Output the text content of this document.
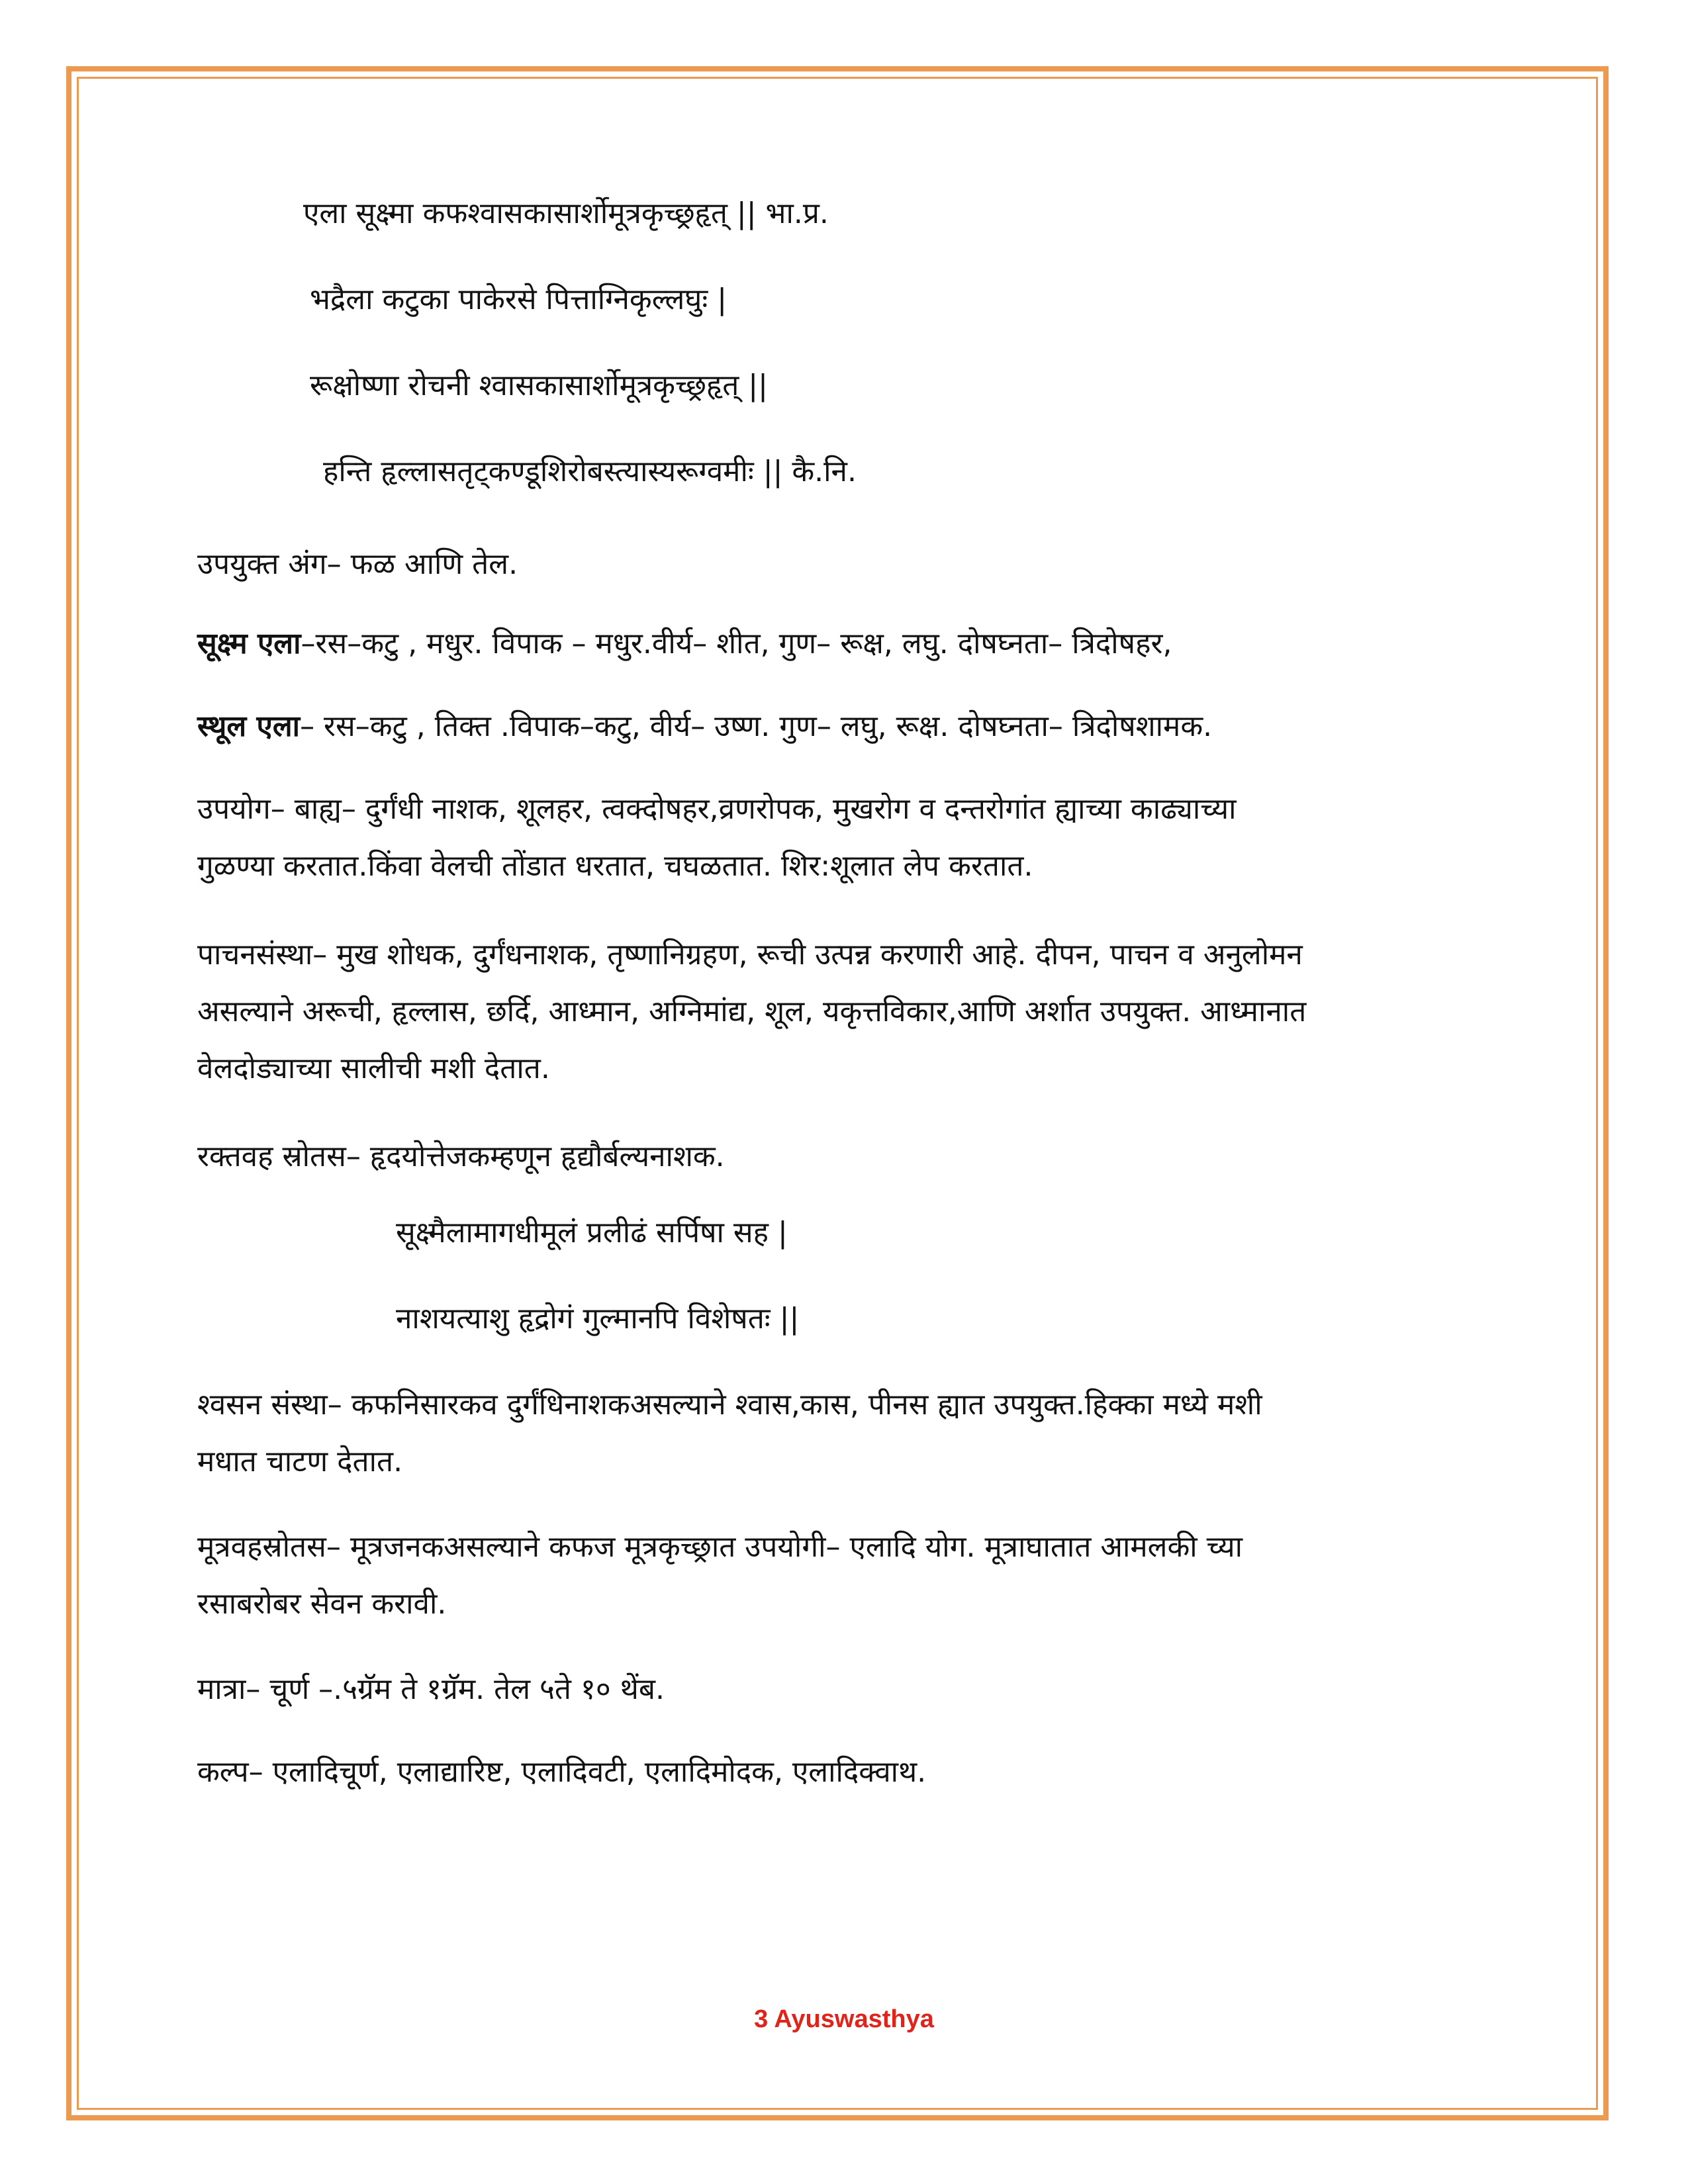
एला सूक्ष्मा कफश्वासकासार्शोमूत्रकृच्छ्रहृत् || भा.प्र.
भद्रैला कटुका पाकेरसे पित्ताग्निकृल्लघुः |
रूक्षोष्णा रोचनी श्वासकासार्शोमूत्रकृच्छ्रहृत् ||
हन्ति हृल्लासतृट्कण्डूशिरोबस्त्यास्यरूग्वमीः || कै.नि.
उपयुक्त अंग– फळ आणि तेल.
सूक्ष्म एला–रस–कटु , मधुर. विपाक – मधुर.वीर्य– शीत, गुण– रूक्ष, लघु. दोषघ्नता– त्रिदोषहर,
स्थूल एला– रस–कटु , तिक्त .विपाक–कटु, वीर्य– उष्ण. गुण– लघु, रूक्ष. दोषघ्नता– त्रिदोषशामक.
उपयोग– बाह्य– दुर्गंधी नाशक, शूलहर, त्वक्दोषहर,व्रणरोपक, मुखरोग व दन्तरोगांत ह्याच्या काढ्याच्या
गुळण्या करतात.किंवा वेलची तोंडात धरतात, चघळतात. शिर:शूलात लेप करतात.
पाचनसंस्था– मुख शोधक, दुर्गंधनाशक, तृष्णानिग्रहण, रूची उत्पन्न करणारी आहे. दीपन, पाचन व अनुलोमन
असल्याने अरूची, हृल्लास, छर्दि, आध्मान, अग्निमांद्य, शूल, यकृत्तविकार,आणि अर्शात उपयुक्त. आध्मानात
वेलदोड्याच्या सालीची मशी देतात.
रक्तवह स्रोतस– हृदयोत्तेजकम्हणून हृद्यौर्बल्यनाशक.
सूक्ष्मैलामागधीमूलं प्रलीढं सर्पिषा सह |
नाशयत्याशु हृद्रोगं गुल्मानपि विशेषतः ||
श्वसन संस्था– कफनिसारकव दुर्गंधिनाशकअसल्याने श्वास,कास, पीनस ह्यात उपयुक्त.हिक्का मध्ये मशी
मधात चाटण देतात.
मूत्रवहस्रोतस– मूत्रजनकअसल्याने कफज मूत्रकृच्छ्रात उपयोगी– एलादि योग. मूत्राघातात आमलकी च्या
रसाबरोबर सेवन करावी.
मात्रा– चूर्ण –.५ग्रॅम ते १ग्रॅम. तेल ५ते १० थेंब.
कल्प– एलादिचूर्ण, एलाद्यारिष्ट, एलादिवटी, एलादिमोदक, एलादिक्वाथ.
3 Ayuswasthya
